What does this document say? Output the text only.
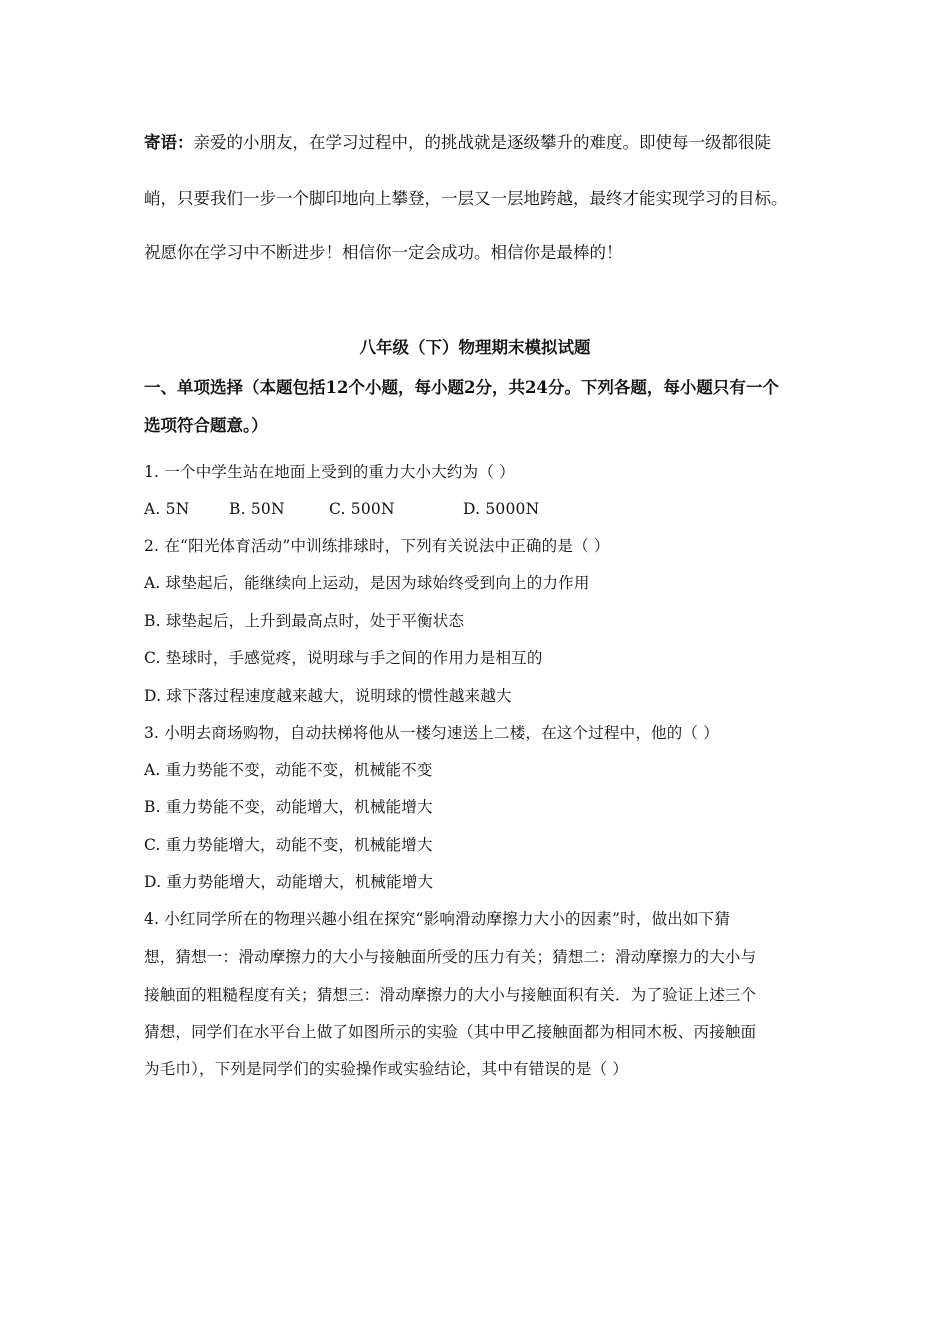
寄语：亲爱的小朋友，在学习过程中，的挑战就是逐级攀升的难度。即使每一级都很陡

峭，只要我们一步一个脚印地向上攀登，一层又一层地跨越，最终才能实现学习的目标。

祝愿你在学习中不断进步！相信你一定会成功。相信你是最棒的！

八年级（下）物理期末模拟试题

一、单项选择（本题包括12个小题，每小题2分，共24分。下列各题，每小题只有一个

选项符合题意。）

1. 一个中学生站在地面上受到的重力大小大约为（ ）

A. 5N	B. 50N	C. 500N	D. 5000N

2. 在“阳光体育活动”中训练排球时，下列有关说法中正确的是（ ）

A. 球垫起后，能继续向上运动，是因为球始终受到向上的力作用

B. 球垫起后，上升到最高点时，处于平衡状态

C. 垫球时，手感觉疼，说明球与手之间的作用力是相互的

D. 球下落过程速度越来越大，说明球的惯性越来越大

3. 小明去商场购物，自动扶梯将他从一楼匀速送上二楼，在这个过程中，他的（ ）

A. 重力势能不变，动能不变，机械能不变

B. 重力势能不变，动能增大，机械能增大

C. 重力势能增大，动能不变，机械能增大

D. 重力势能增大，动能增大，机械能增大

4. 小红同学所在的物理兴趣小组在探究“影响滑动摩擦力大小的因素”时，做出如下猜

想，猜想一：滑动摩擦力的大小与接触面所受的压力有关；猜想二：滑动摩擦力的大小与

接触面的粗糙程度有关；猜想三：滑动摩擦力的大小与接触面积有关．为了验证上述三个

猜想，同学们在水平台上做了如图所示的实验（其中甲乙接触面都为相同木板、丙接触面

为毛巾），下列是同学们的实验操作或实验结论，其中有错误的是（ ）
